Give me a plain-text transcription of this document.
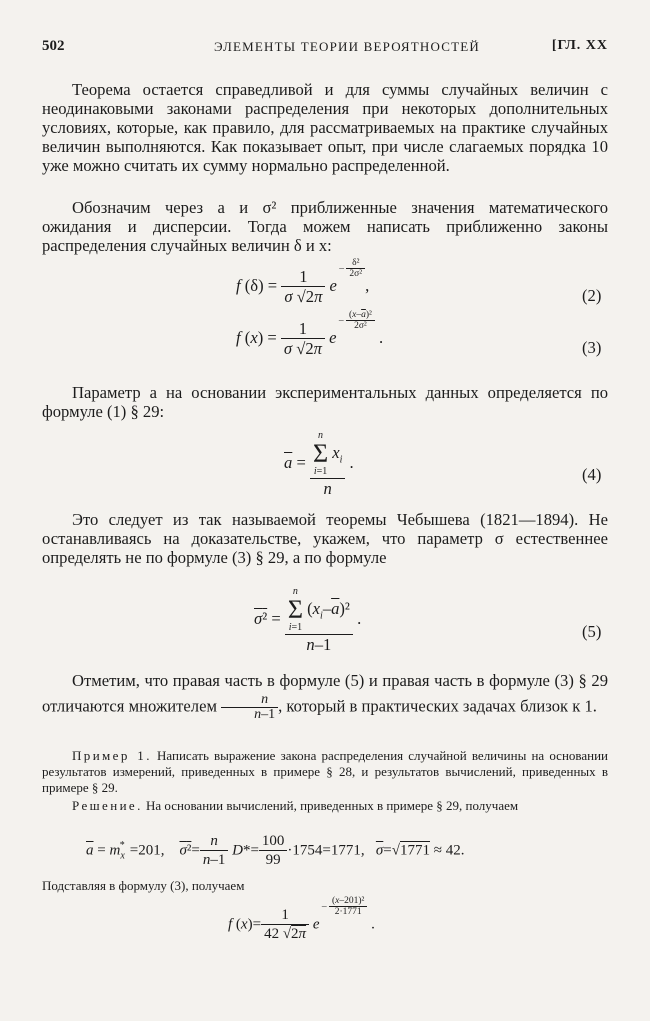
502	ЭЛЕМЕНТЫ ТЕОРИИ ВЕРОЯТНОСТЕЙ	[ГЛ. XX
Теорема остается справедливой и для суммы случайных величин с неодинаковыми законами распределения при некоторых дополнительных условиях, которые, как правило, для рассматриваемых на практике случайных величин выполняются. Как показывает опыт, при числе слагаемых порядка 10 уже можно считать их сумму нормально распределенной.
Обозначим через a и σ² приближенные значения математического ожидания и дисперсии. Тогда можем написать приближенно законы распределения случайных величин δ и x:
f $(\delta) = \frac{1}{\sigma √2\pi}$ e – $\frac{\text{δ²}}{\text{2σ²}}$
,
(2)
f $(x) = \frac{1}{\sigma √2\pi}$ e – $\frac{(x-\overline{a})^2}{\text{2σ²}}$
.
(3)
Параметр a на основании экспериментальных данных определяется по формуле (1) § 29:
$\overline{a} = n$
Σ
i=1
$x_i$
n .
(4)
Это следует из так называемой теоремы Чебышева (1821—1894). Не останавливаясь на доказательстве, укажем, что параметр σ естественнее определять не по формуле (3) § 29, а по формуле
σ² = n
Σ
i=1
$(x_i-\overline{a})^2$
n–1 .
(5)
Отметим, что правая часть в формуле (5) и правая часть в формуле (3) § 29 отличаются множителем $\frac{n}{n-1}$ , который в практических задачах близок к 1.
Пример 1. Написать выражение закона распределения случайной величины на основании результатов измерений, приведенных в примере § 28, и результатов вычислений, приведенных в примере § 29.
Решение. На основании вычислений, приведенных в примере § 29, получаем
$\overline{a} = m_x^* =201$,    $\sigma^2= \frac{n}{n-1} D*= \frac{100}{99} \cdot 1754=1771$,   $\overline{\sigma}=√1771 \approx 42$.
Подставляя в формулу (3), получаем
f $(x)= \frac{1}{42 √2\pi}$ e – $\frac{\text{(x–201)²}}{2\cdot 1771}$
.
